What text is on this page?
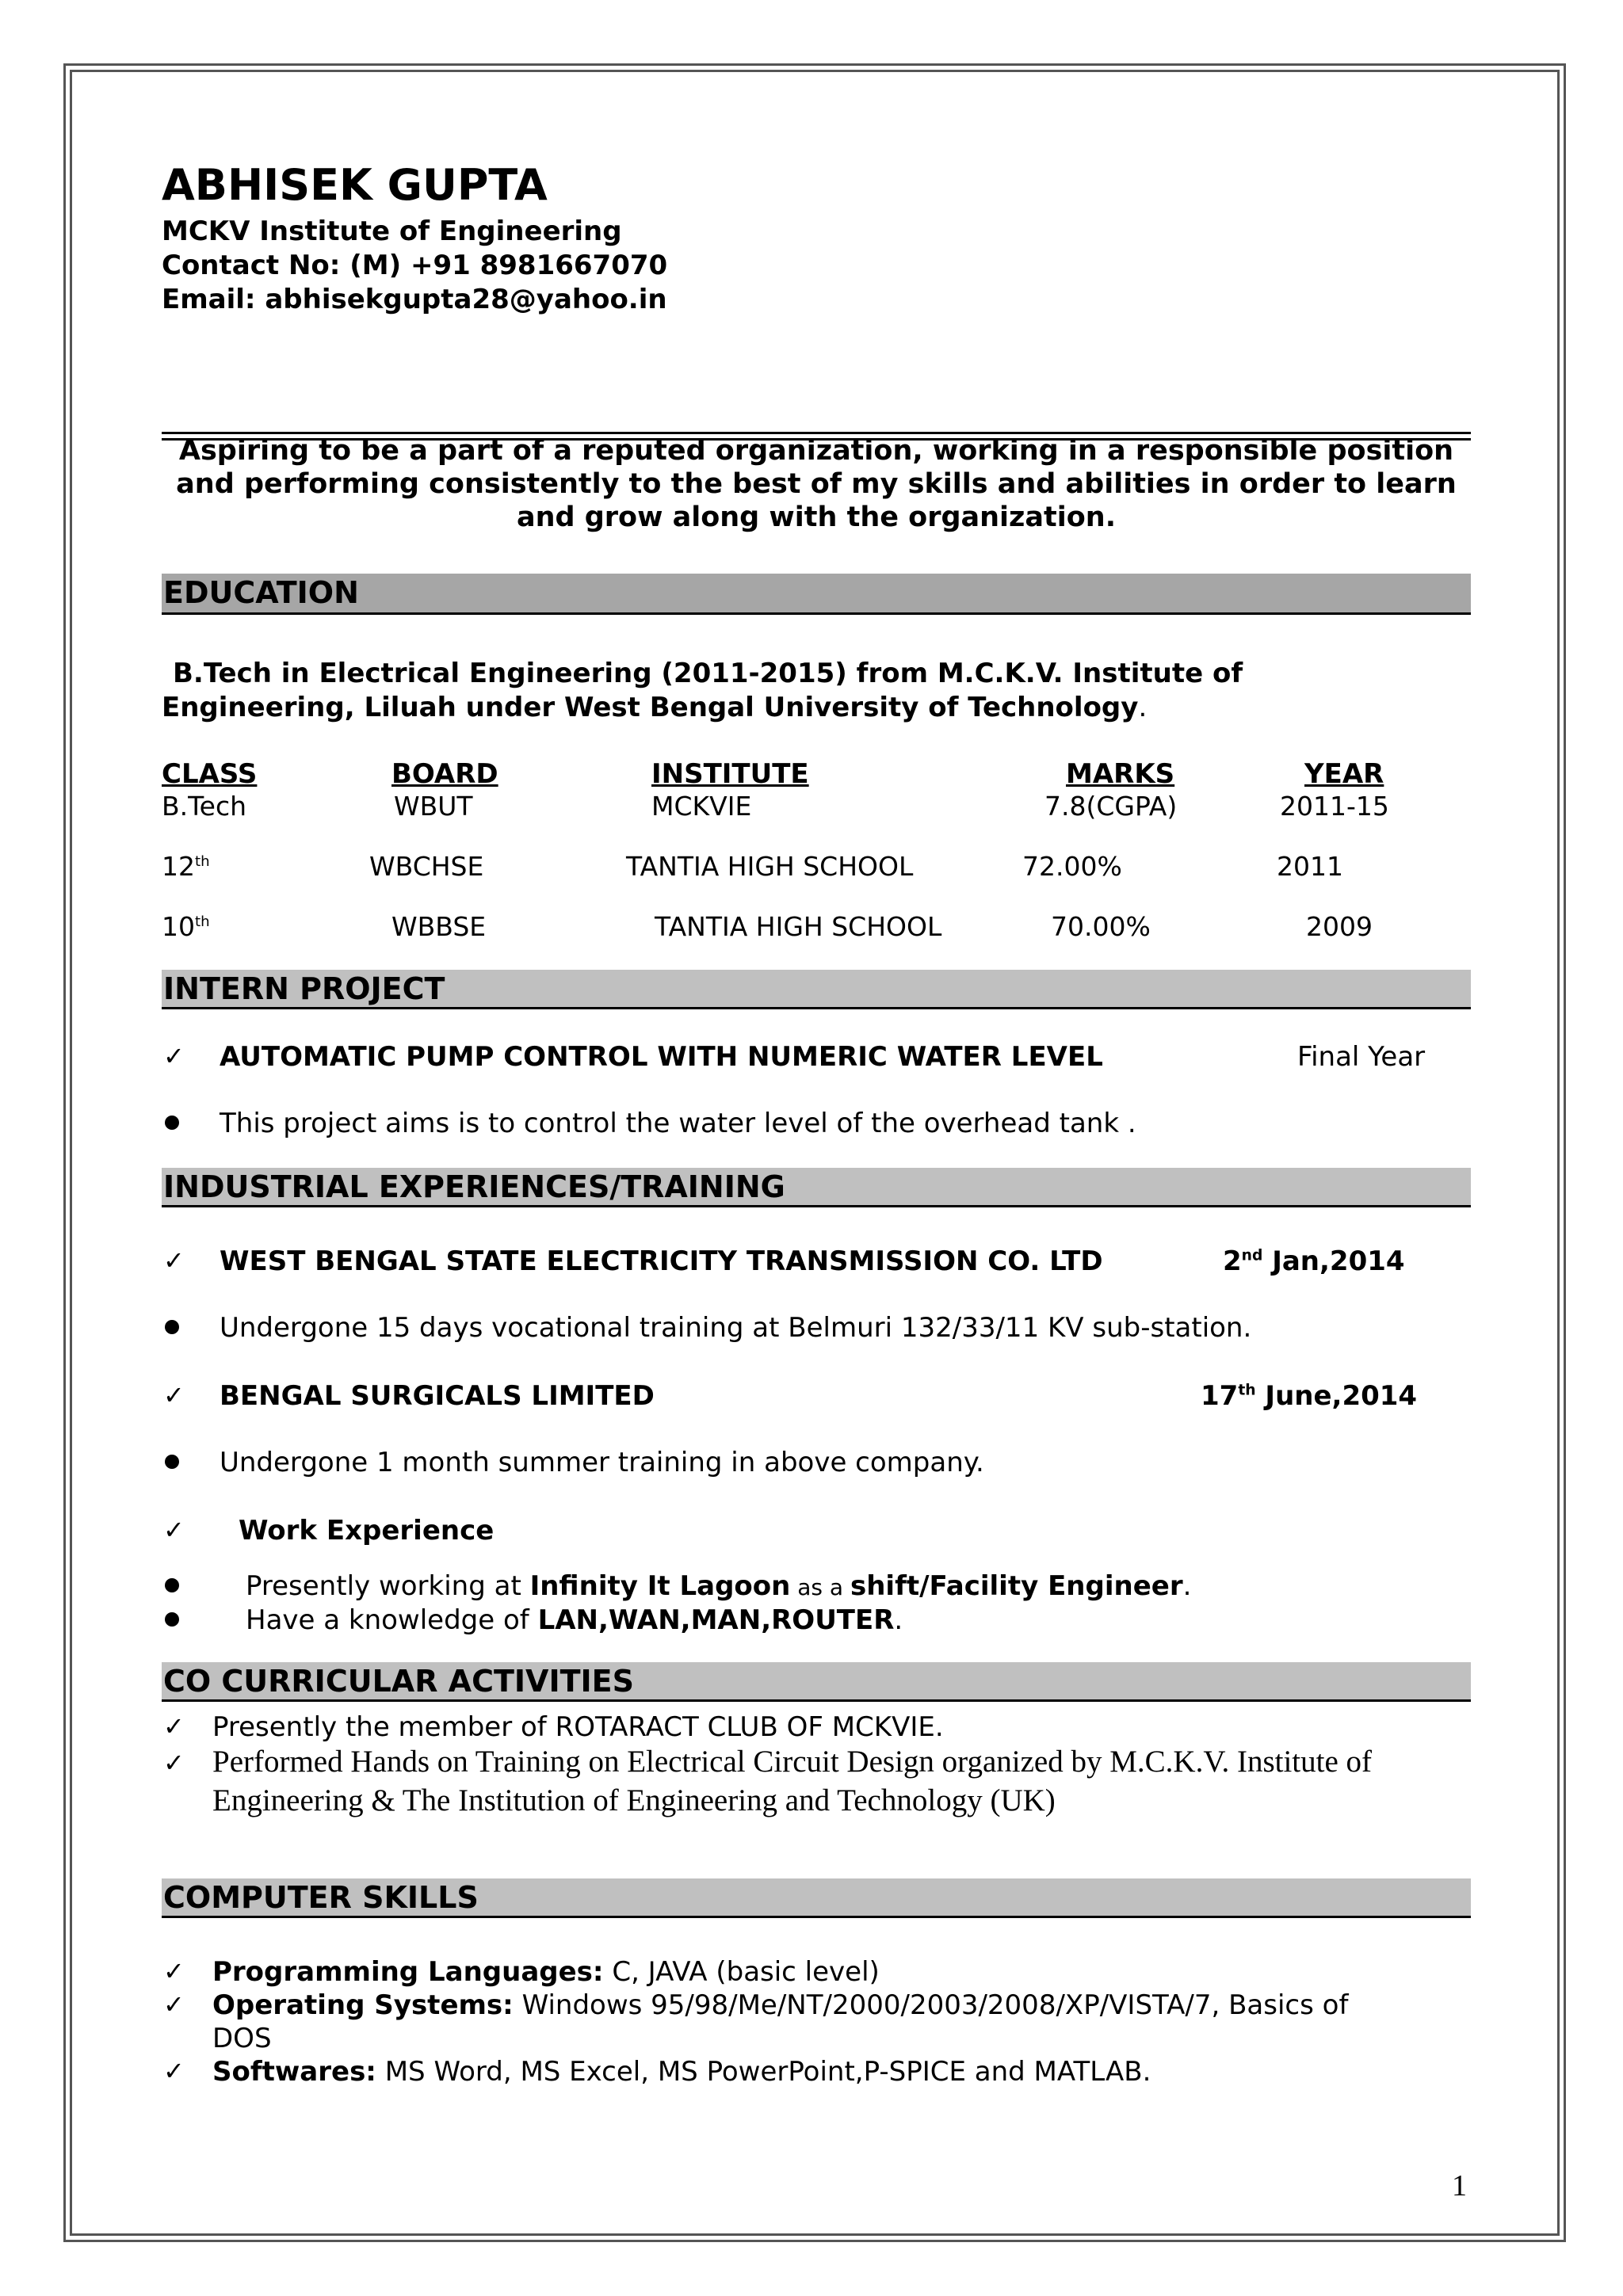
ABHISEK GUPTA
MCKV Institute of Engineering
Contact No: (M) +91 8981667070
Email: abhisekgupta28@yahoo.in
Aspiring to be a part of a reputed organization, working in a responsible position and performing consistently to the best of my skills and abilities in order to learn and grow along with the organization.
EDUCATION
B.Tech in Electrical Engineering (2011-2015) from M.C.K.V. Institute of
Engineering, Liluah under West Bengal University of Technology.
CLASS	BOARD	INSTITUTE	MARKS	YEAR
B.Tech	WBUT	MCKVIE	7.8(CGPA)	2011-15
12th	WBCHSE	TANTIA HIGH SCHOOL	72.00%	2011
10th	WBBSE	TANTIA HIGH SCHOOL	70.00%	2009
INTERN PROJECT
✓ AUTOMATIC PUMP CONTROL WITH NUMERIC WATER LEVEL	Final Year
This project aims is to control the water level of the overhead tank .
INDUSTRIAL EXPERIENCES/TRAINING
✓ WEST BENGAL STATE ELECTRICITY TRANSMISSION CO. LTD	2nd Jan,2014
Undergone 15 days vocational training at Belmuri 132/33/11 KV sub-station.
✓ BENGAL SURGICALS LIMITED	17th June,2014
Undergone 1 month summer training in above company.
✓ Work Experience
Presently working at Infinity It Lagoon as a shift/Facility Engineer.
Have a knowledge of LAN,WAN,MAN,ROUTER.
CO CURRICULAR ACTIVITIES
✓ Presently the member of ROTARACT CLUB OF MCKVIE.
✓ Performed Hands on Training on Electrical Circuit Design organized by M.C.K.V. Institute of
Engineering & The Institution of Engineering and Technology (UK)
COMPUTER SKILLS
✓ Programming Languages: C, JAVA (basic level)
✓ Operating Systems: Windows 95/98/Me/NT/2000/2003/2008/XP/VISTA/7, Basics of
DOS
✓ Softwares: MS Word, MS Excel, MS PowerPoint,P-SPICE and MATLAB.
1
